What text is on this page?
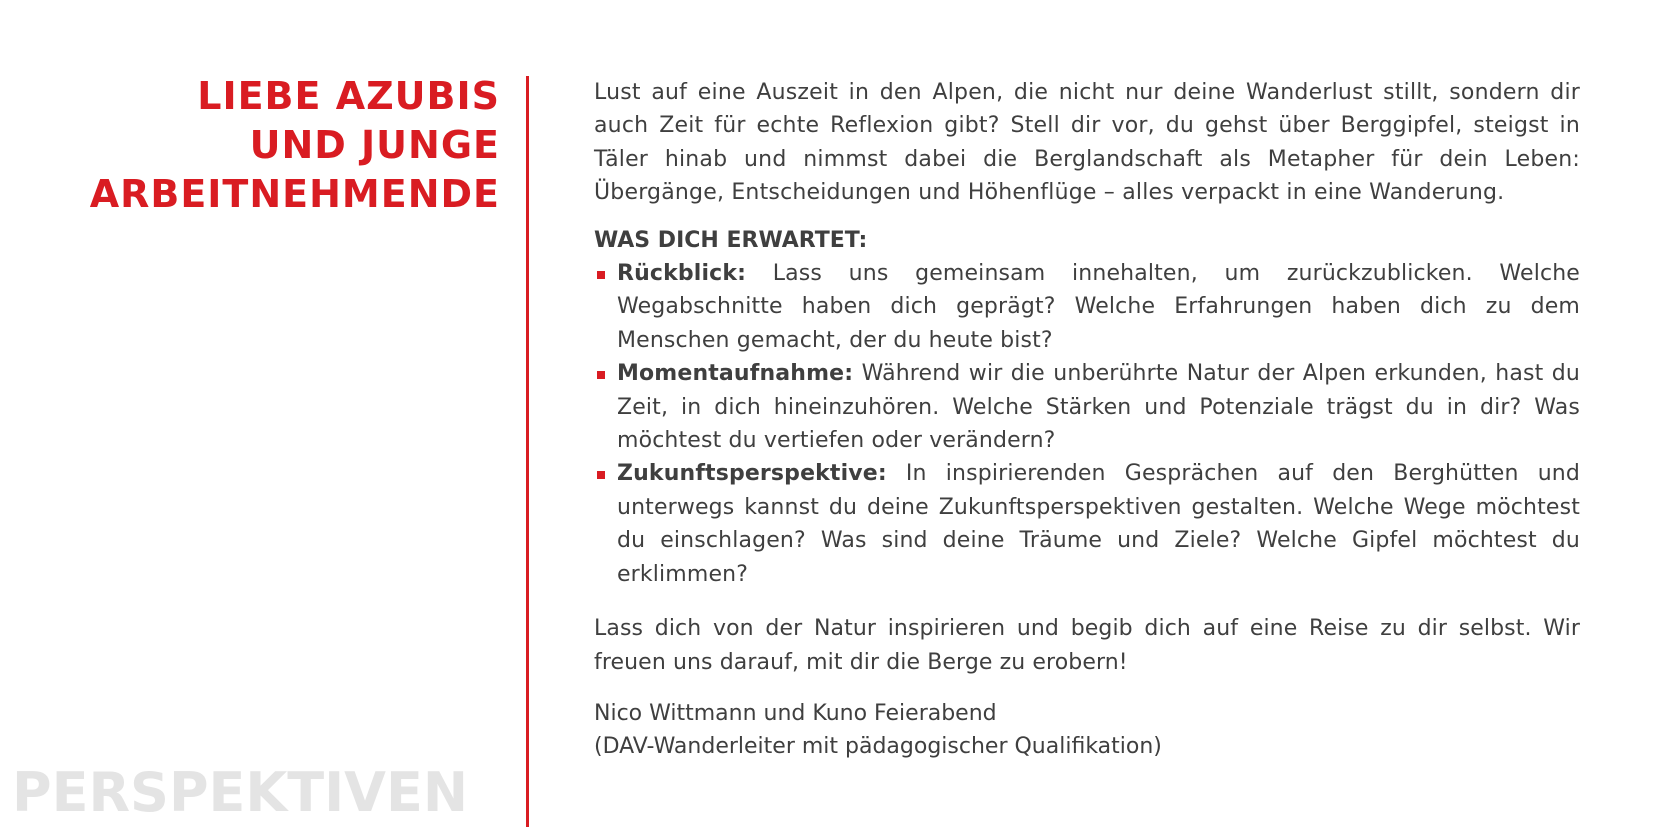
LIEBE AZUBIS
UND JUNGE
ARBEITNEHMENDE
PERSPEKTIVEN

Lust auf eine Auszeit in den Alpen, die nicht nur deine Wanderlust stillt, sondern dir auch Zeit für echte Reflexion gibt? Stell dir vor, du gehst über Berggipfel, steigst in Täler hinab und nimmst dabei die Berglandschaft als Metapher für dein Leben: Übergänge, Entscheidungen und Höhenflüge – alles verpackt in eine Wanderung.

WAS DICH ERWARTET:

Rückblick: Lass uns gemeinsam innehalten, um zurückzublicken. Welche Wegabschnitte haben dich geprägt? Welche Erfahrungen haben dich zu dem Menschen gemacht, der du heute bist?
Momentaufnahme: Während wir die unberührte Natur der Alpen erkunden, hast du Zeit, in dich hineinzuhören. Welche Stärken und Potenziale trägst du in dir? Was möchtest du vertiefen oder verändern?
Zukunftsperspektive: In inspirierenden Gesprächen auf den Berghütten und unterwegs kannst du deine Zukunftsperspektiven gestalten. Welche Wege möchtest du einschlagen? Was sind deine Träume und Ziele? Welche Gipfel möchtest du erklimmen?

Lass dich von der Natur inspirieren und begib dich auf eine Reise zu dir selbst. Wir freuen uns darauf, mit dir die Berge zu erobern!

Nico Wittmann und Kuno Feierabend

(DAV-Wanderleiter mit pädagogischer Qualifikation)
